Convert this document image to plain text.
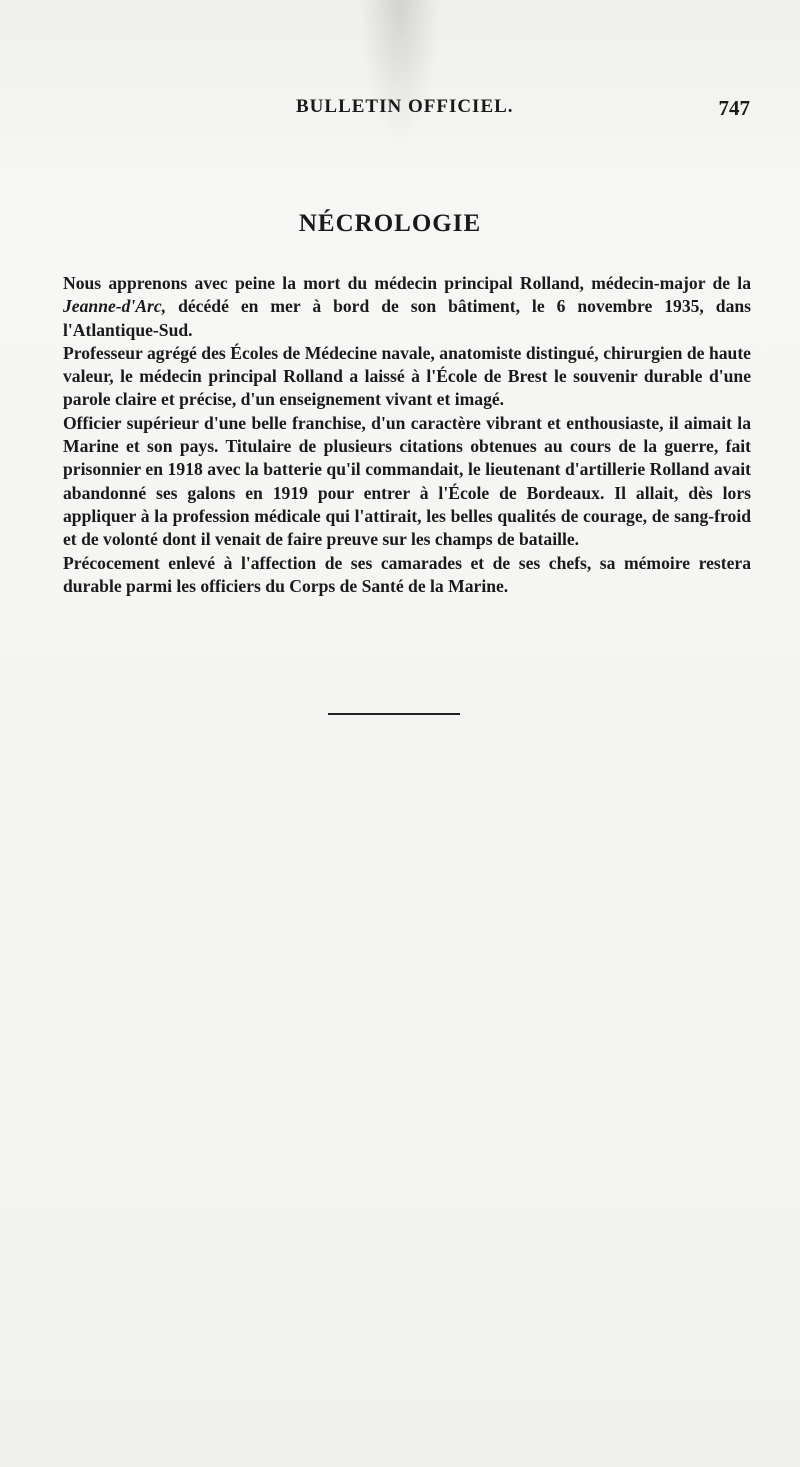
BULLETIN OFFICIEL.	747
NÉCROLOGIE

Nous apprenons avec peine la mort du médecin principal Rolland, médecin-major de la Jeanne-d'Arc, décédé en mer à bord de son bâtiment, le 6 novembre 1935, dans l'Atlantique-Sud.

Professeur agrégé des Écoles de Médecine navale, anatomiste distingué, chirurgien de haute valeur, le médecin principal Rolland a laissé à l'École de Brest le souvenir durable d'une parole claire et précise, d'un enseignement vivant et imagé.

Officier supérieur d'une belle franchise, d'un caractère vibrant et enthousiaste, il aimait la Marine et son pays. Titulaire de plusieurs citations obtenues au cours de la guerre, fait prisonnier en 1918 avec la batterie qu'il commandait, le lieutenant d'artillerie Rolland avait abandonné ses galons en 1919 pour entrer à l'École de Bordeaux. Il allait, dès lors appliquer à la profession médicale qui l'attirait, les belles qualités de courage, de sang-froid et de volonté dont il venait de faire preuve sur les champs de bataille.

Précocement enlevé à l'affection de ses camarades et de ses chefs, sa mémoire restera durable parmi les officiers du Corps de Santé de la Marine.
